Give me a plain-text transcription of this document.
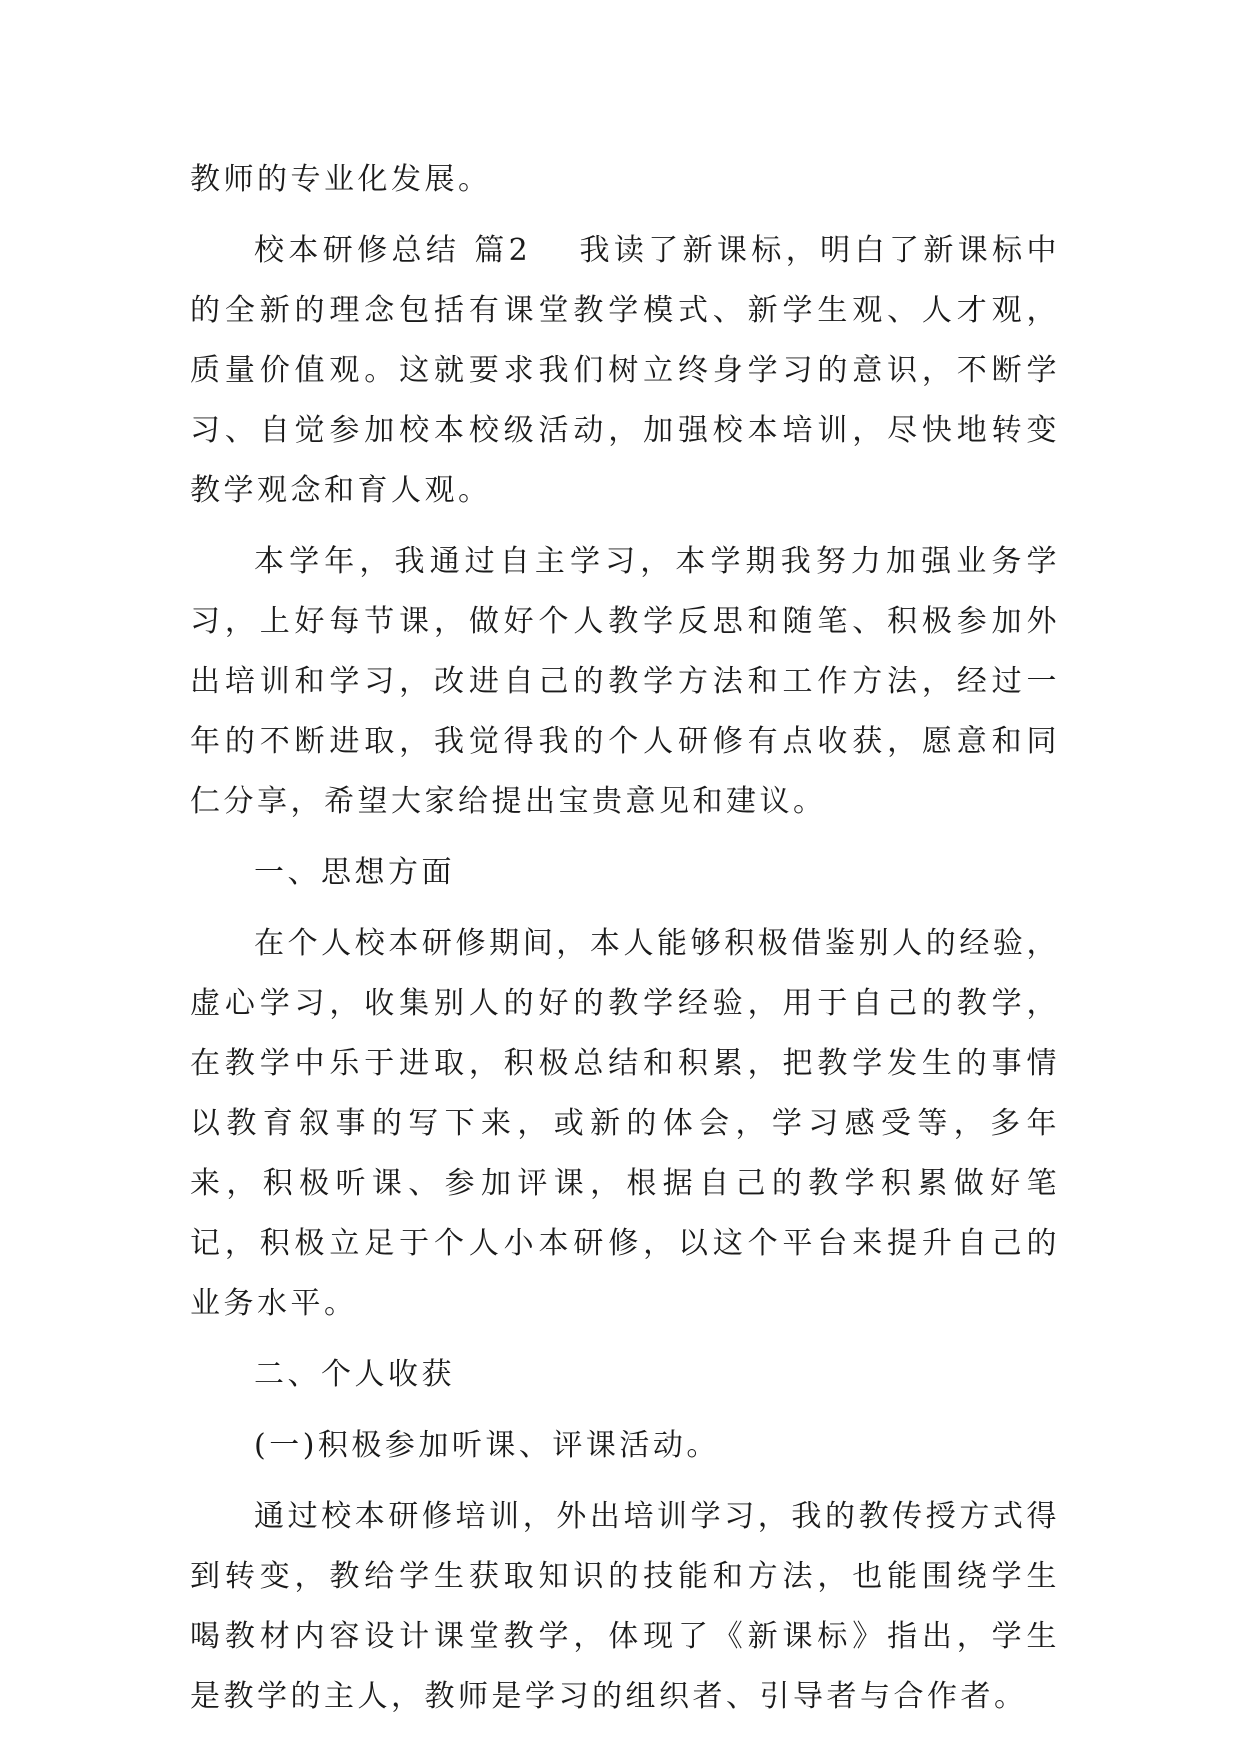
教师的专业化发展。

校本研修总结 篇2 　我读了新课标，明白了新课标中的全新的理念包括有课堂教学模式、新学生观、人才观，质量价值观。这就要求我们树立终身学习的意识，不断学习、自觉参加校本校级活动，加强校本培训，尽快地转变教学观念和育人观。

本学年，我通过自主学习，本学期我努力加强业务学习，上好每节课，做好个人教学反思和随笔、积极参加外出培训和学习，改进自己的教学方法和工作方法，经过一年的不断进取，我觉得我的个人研修有点收获，愿意和同仁分享，希望大家给提出宝贵意见和建议。

一、思想方面

在个人校本研修期间，本人能够积极借鉴别人的经验，虚心学习，收集别人的好的教学经验，用于自己的教学，在教学中乐于进取，积极总结和积累，把教学发生的事情以教育叙事的写下来，或新的体会，学习感受等，多年来，积极听课、参加评课，根据自己的教学积累做好笔记，积极立足于个人小本研修，以这个平台来提升自己的业务水平。

二、个人收获

(一)积极参加听课、评课活动。

通过校本研修培训，外出培训学习，我的教传授方式得到转变，教给学生获取知识的技能和方法，也能围绕学生喝教材内容设计课堂教学，体现了《新课标》指出，学生是教学的主人，教师是学习的组织者、引导者与合作者。
